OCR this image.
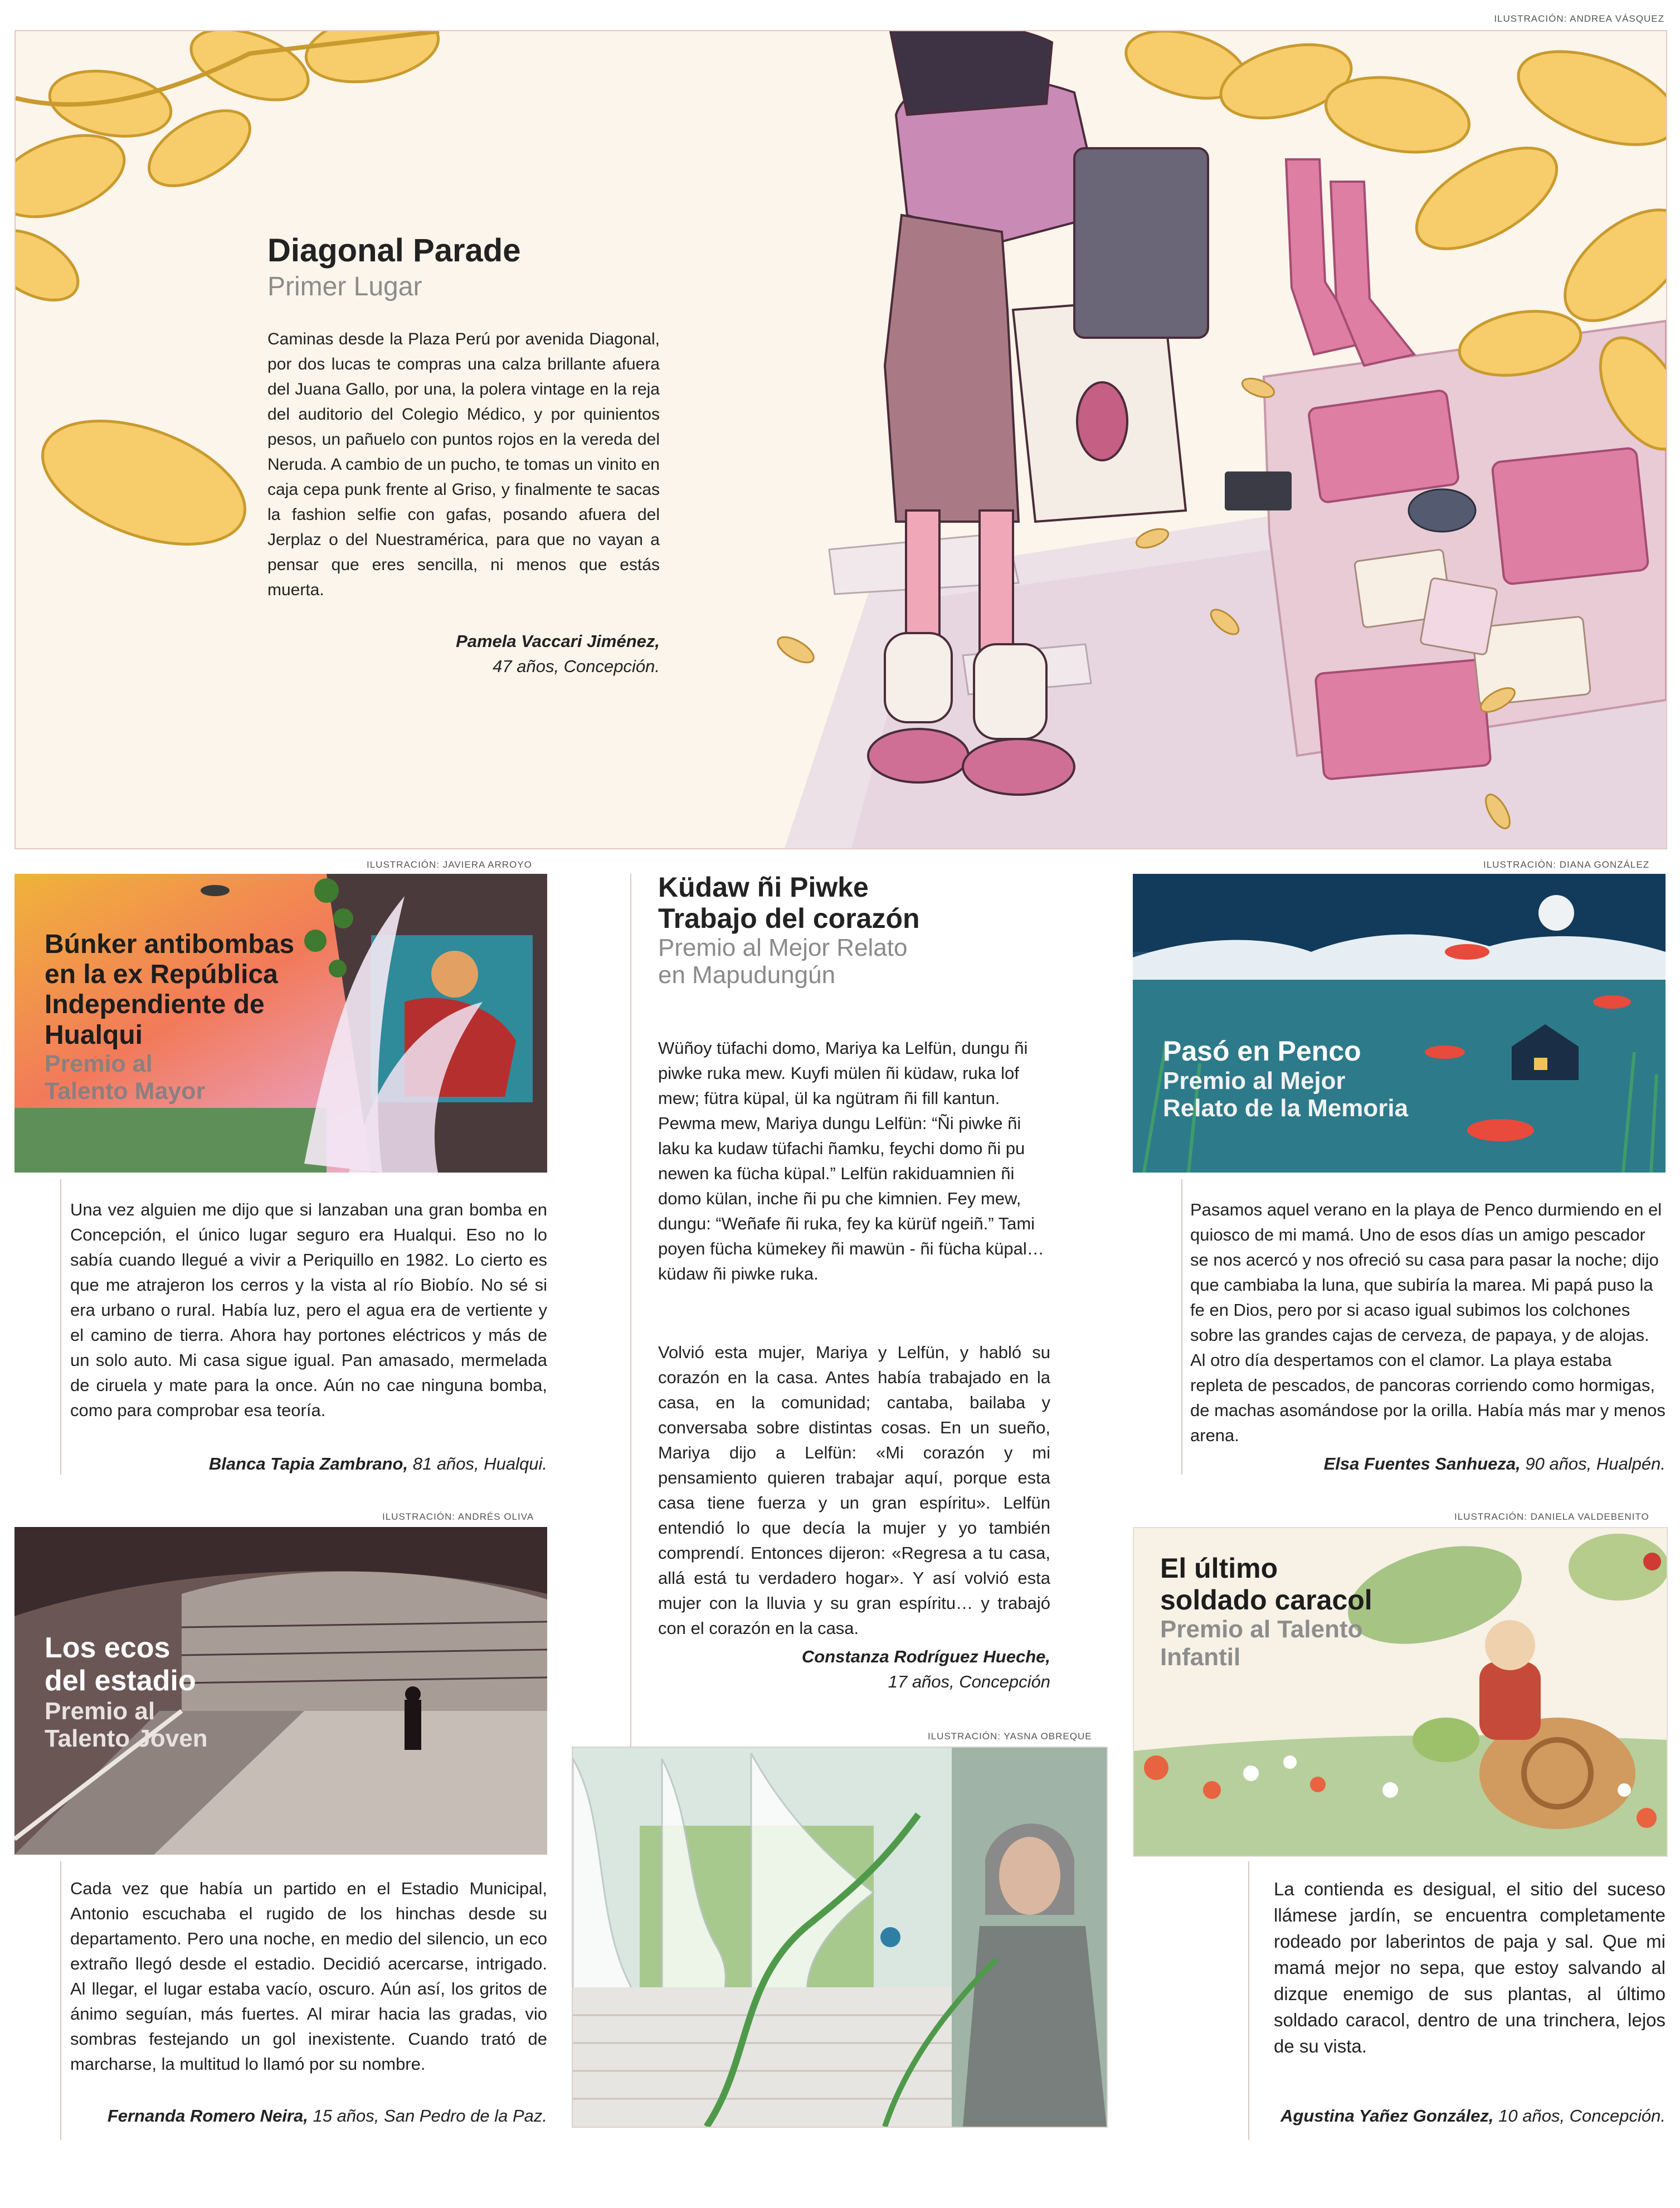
ILUSTRACIÓN: ANDREA VÁSQUEZ
Diagonal Parade
Primer Lugar
Caminas desde la Plaza Perú por avenida Diagonal, por dos lucas te compras una calza brillante afuera del Juana Gallo, por una, la polera vintage en la reja del auditorio del Colegio Médico, y por quinientos pesos, un pañuelo con puntos rojos en la vereda del Neruda. A cambio de un pucho, te tomas un vinito en caja cepa punk frente al Griso, y finalmente te sacas la fashion selfie con gafas, posando afuera del Jerplaz o del Nuestramérica, para que no vayan a pensar que eres sencilla, ni menos que estás muerta.
Pamela Vaccari Jiménez,
47 años, Concepción.
ILUSTRACIÓN: JAVIERA ARROYO
Búnker antibombas
en la ex República
Independiente de
Hualqui
Premio al
Talento Mayor
Una vez alguien me dijo que si lanzaban una gran bomba en Concepción, el único lugar seguro era Hualqui. Eso no lo sabía cuando llegué a vivir a Periquillo en 1982. Lo cierto es que me atrajeron los cerros y la vista al río Biobío. No sé si era urbano o rural. Había luz, pero el agua era de vertiente y el camino de tierra. Ahora hay portones eléctricos y más de un solo auto. Mi casa sigue igual. Pan amasado, mermelada de ciruela y mate para la once. Aún no cae ninguna bomba, como para comprobar esa teoría.
Blanca Tapia Zambrano, 81 años, Hualqui.
ILUSTRACIÓN: ANDRÉS OLIVA
Los ecos
del estadio
Premio al
Talento Joven
Cada vez que había un partido en el Estadio Municipal, Antonio escuchaba el rugido de los hinchas desde su departamento. Pero una noche, en medio del silencio, un eco extraño llegó desde el estadio. Decidió acercarse, intrigado. Al llegar, el lugar estaba vacío, oscuro. Aún así, los gritos de ánimo seguían, más fuertes. Al mirar hacia las gradas, vio sombras festejando un gol inexistente. Cuando trató de marcharse, la multitud lo llamó por su nombre.
Fernanda Romero Neira, 15 años, San Pedro de la Paz.
Küdaw ñi Piwke
Trabajo del corazón
Premio al Mejor Relato
en Mapudungún
Wüñoy tüfachi domo, Mariya ka Lelfün, dungu ñi piwke ruka mew. Kuyfi mülen ñi küdaw, ruka lof mew; fütra küpal, ül ka ngütram ñi fill kantun. Pewma mew, Mariya dungu Lelfün: “Ñi piwke ñi laku ka kudaw tüfachi ñamku, feychi domo ñi pu newen ka fücha küpal.” Lelfün rakiduamnien ñi domo külan, inche ñi pu che kimnien. Fey mew, dungu: “Weñafe ñi ruka, fey ka kürüf ngeiñ.” Tami poyen fücha kümekey ñi mawün - ñi fücha küpal… küdaw ñi piwke ruka.
Volvió esta mujer, Mariya y Lelfün, y habló su corazón en la casa. Antes había trabajado en la casa, en la comunidad; cantaba, bailaba y conversaba sobre distintas cosas. En un sueño, Mariya dijo a Lelfün: «Mi corazón y mi pensamiento quieren trabajar aquí, porque esta casa tiene fuerza y un gran espíritu». Lelfün entendió lo que decía la mujer y yo también comprendí. Entonces dijeron: «Regresa a tu casa, allá está tu verdadero hogar». Y así volvió esta mujer con la lluvia y su gran espíritu… y trabajó con el corazón en la casa.
Constanza Rodríguez Hueche,
17 años, Concepción
ILUSTRACIÓN: YASNA OBREQUE
ILUSTRACIÓN: DIANA GONZÁLEZ
Pasó en Penco
Premio al Mejor
Relato de la Memoria
Pasamos aquel verano en la playa de Penco durmiendo en el quiosco de mi mamá. Uno de esos días un amigo pescador se nos acercó y nos ofreció su casa para pasar la noche; dijo que cambiaba la luna, que subiría la marea. Mi papá puso la fe en Dios, pero por si acaso igual subimos los colchones sobre las grandes cajas de cerveza, de papaya, y de alojas. Al otro día despertamos con el clamor. La playa estaba repleta de pescados, de pancoras corriendo como hormigas, de machas asomándose por la orilla. Había más mar y menos arena.
Elsa Fuentes Sanhueza, 90 años, Hualpén.
ILUSTRACIÓN: DANIELA VALDEBENITO
El último
soldado caracol
Premio al Talento
Infantil
La contienda es desigual, el sitio del suceso llámese jardín, se encuentra completamente rodeado por laberintos de paja y sal. Que mi mamá mejor no sepa, que estoy salvando al dizque enemigo de sus plantas, al último soldado caracol, dentro de una trinchera, lejos de su vista.
Agustina Yañez González, 10 años, Concepción.
